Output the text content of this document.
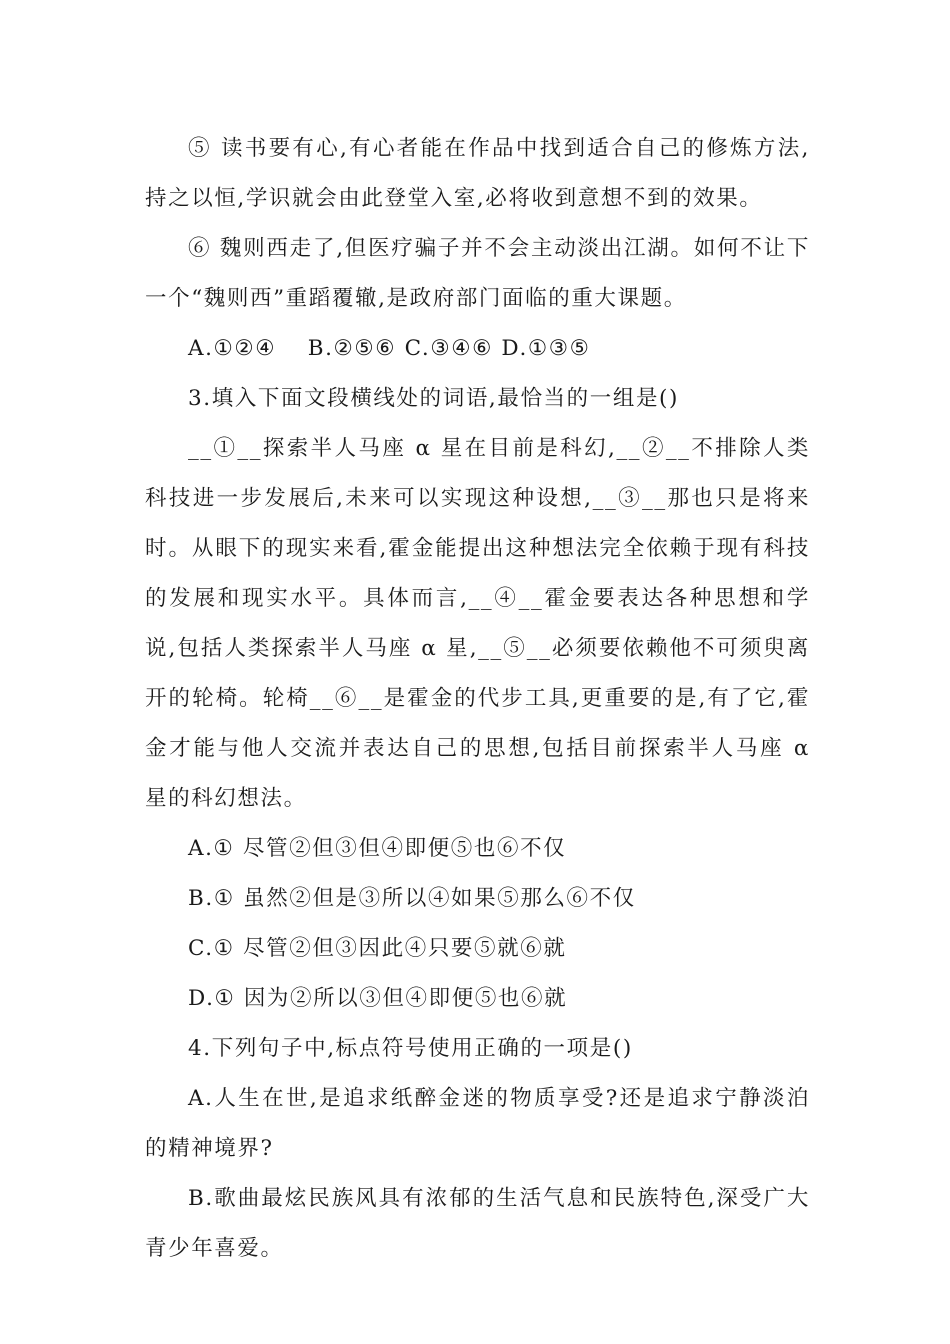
⑤ 读书要有心,有心者能在作品中找到适合自己的修炼方法,持之以恒,学识就会由此登堂入室,必将收到意想不到的效果。

⑥ 魏则西走了,但医疗骗子并不会主动淡出江湖。如何不让下一个“魏则西”重蹈覆辙,是政府部门面临的重大课题。

A.①②④　 B.②⑤⑥ C.③④⑥ D.①③⑤

3.填入下面文段横线处的词语,最恰当的一组是()

__①__探索半人马座 α 星在目前是科幻,__②__不排除人类科技进一步发展后,未来可以实现这种设想,__③__那也只是将来时。从眼下的现实来看,霍金能提出这种想法完全依赖于现有科技的发展和现实水平。具体而言,__④__霍金要表达各种思想和学说,包括人类探索半人马座 α 星,__⑤__必须要依赖他不可须臾离开的轮椅。轮椅__⑥__是霍金的代步工具,更重要的是,有了它,霍金才能与他人交流并表达自己的思想,包括目前探索半人马座 α 星的科幻想法。

A.① 尽管②但③但④即便⑤也⑥不仅

B.① 虽然②但是③所以④如果⑤那么⑥不仅

C.① 尽管②但③因此④只要⑤就⑥就

D.① 因为②所以③但④即便⑤也⑥就

4.下列句子中,标点符号使用正确的一项是()

A.人生在世,是追求纸醉金迷的物质享受?还是追求宁静淡泊的精神境界?

B.歌曲最炫民族风具有浓郁的生活气息和民族特色,深受广大青少年喜爱。
